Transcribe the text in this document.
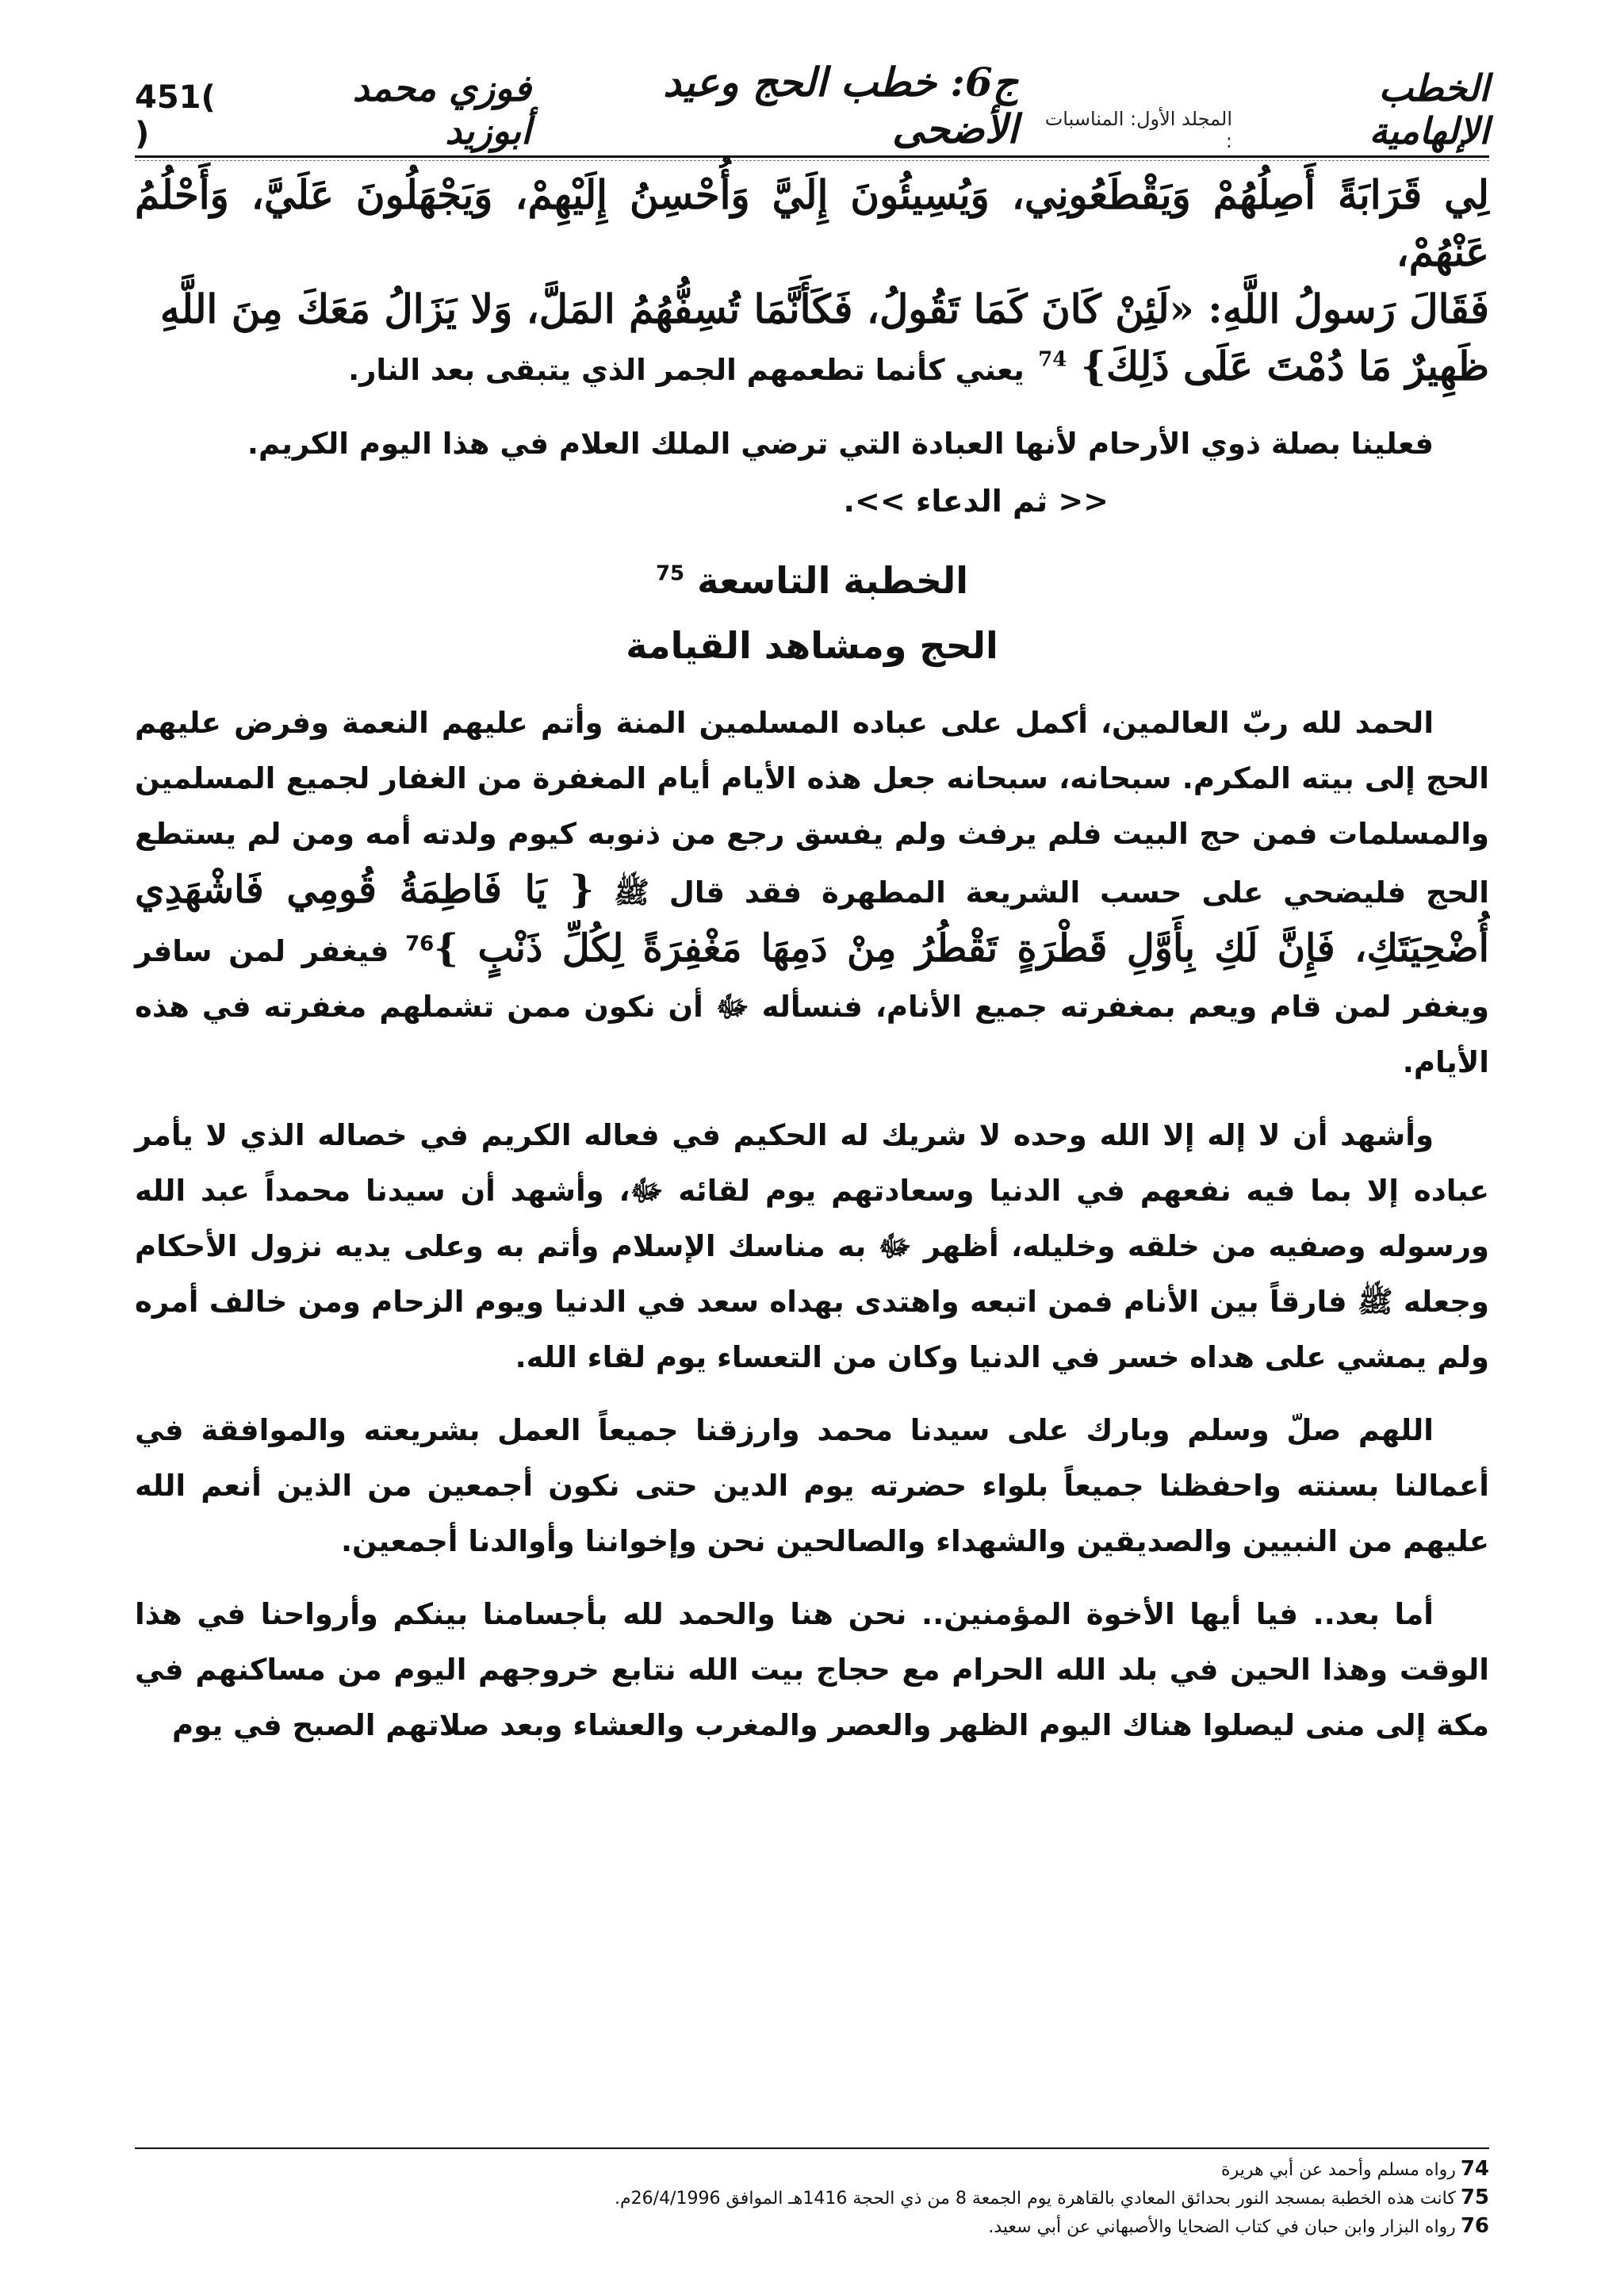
الخطب الإلهامية
المجلد الأول: المناسبات :
ج6: خطب الحج وعيد الأضحى
فوزي محمد أبوزيد
451( )

لِي قَرَابَةً أَصِلُهُمْ وَيَقْطَعُونِي، وَيُسِيئُونَ إِلَيَّ وَأُحْسِنُ إِلَيْهِمْ، وَيَجْهَلُونَ عَلَيَّ، وَأَحْلُمُ عَنْهُمْ،

فَقَالَ رَسولُ اللَّهِ: «لَئِنْ كَانَ كَمَا تَقُولُ، فَكَأَنَّمَا تُسِفُّهُمُ المَلَّ، وَلا يَزَالُ مَعَكَ مِنَ اللَّهِ

ظَهِيرٌ مَا دُمْتَ عَلَى ذَلِكَ} $^{74}$ يعني كأنما تطعمهم الجمر الذي يتبقى بعد النار.

فعلينا بصلة ذوي الأرحام لأنها العبادة التي ترضي الملك العلام في هذا اليوم الكريم.

<< ثم الدعاء >>.

الخطبة التاسعة $^{75}$

الحج ومشاهد القيامة

الحمد لله ربّ العالمين، أكمل على عباده المسلمين المنة وأتم عليهم النعمة وفرض عليهم الحج إلى بيته المكرم. سبحانه، سبحانه جعل هذه الأيام أيام المغفرة من الغفار لجميع المسلمين والمسلمات فمن حج البيت فلم يرفث ولم يفسق رجع من ذنوبه كيوم ولدته أمه ومن لم يستطع الحج فليضحي على حسب الشريعة المطهرة فقد قال ﷺ { يَا فَاطِمَةُ قُومِي فَاشْهَدِي أُضْحِيَتَكِ، فَإِنَّ لَكِ بِأَوَّلِ قَطْرَةٍ تَقْطُرُ مِنْ دَمِهَا مَغْفِرَةً لِكُلِّ ذَنْبٍ }$^{76}$ فيغفر لمن سافر ويغفر لمن قام ويعم بمغفرته جميع الأنام، فنسأله ﷻ أن نكون ممن تشملهم مغفرته في هذه الأيام.

وأشهد أن لا إله إلا الله وحده لا شريك له الحكيم في فعاله الكريم في خصاله الذي لا يأمر عباده إلا بما فيه نفعهم في الدنيا وسعادتهم يوم لقائه ﷻ، وأشهد أن سيدنا محمداً عبد الله ورسوله وصفيه من خلقه وخليله، أظهر ﷻ به مناسك الإسلام وأتم به وعلى يديه نزول الأحكام وجعله ﷺ فارقاً بين الأنام فمن اتبعه واهتدى بهداه سعد في الدنيا ويوم الزحام ومن خالف أمره ولم يمشي على هداه خسر في الدنيا وكان من التعساء يوم لقاء الله.

اللهم صلّ وسلم وبارك على سيدنا محمد وارزقنا جميعاً العمل بشريعته والموافقة في أعمالنا بسنته واحفظنا جميعاً بلواء حضرته يوم الدين حتى نكون أجمعين من الذين أنعم الله عليهم من النبيين والصديقين والشهداء والصالحين نحن وإخواننا وأوالدنا أجمعين.

أما بعد.. فيا أيها الأخوة المؤمنين.. نحن هنا والحمد لله بأجسامنا بينكم وأرواحنا في هذا الوقت وهذا الحين في بلد الله الحرام مع حجاج بيت الله نتابع خروجهم اليوم من مساكنهم في مكة إلى منى ليصلوا هناك اليوم الظهر والعصر والمغرب والعشاء وبعد صلاتهم الصبح في يوم

74رواه مسلم وأحمد عن أبي هريرة

75كانت هذه الخطبة بمسجد النور بحدائق المعادي بالقاهرة يوم الجمعة 8 من ذي الحجة 1416هـ الموافق 26/4/1996م.

76رواه البزار وابن حبان في كتاب الضحايا والأصبهاني عن أبي سعيد.
